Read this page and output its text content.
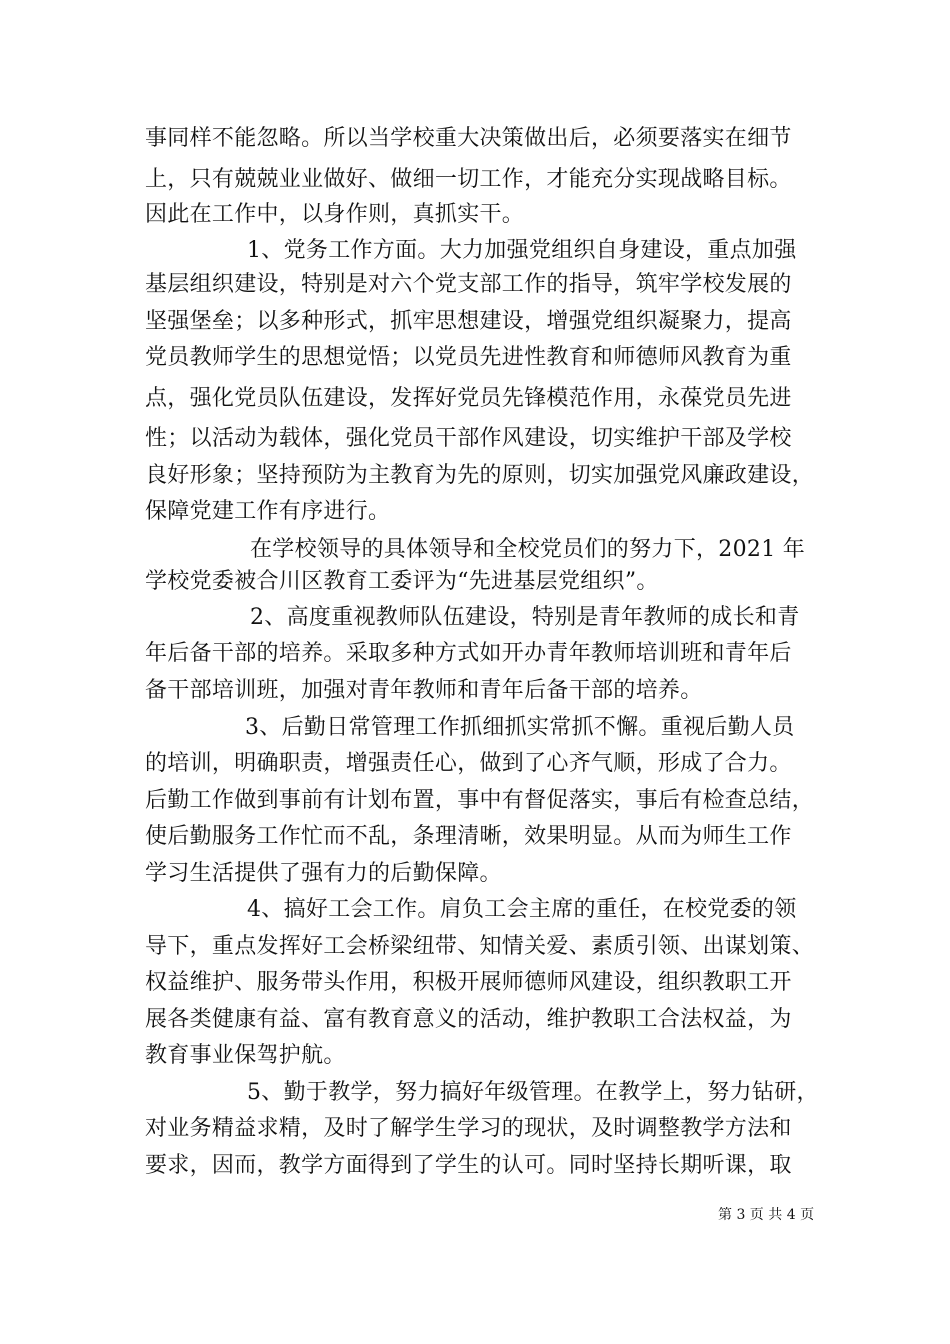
事同样不能忽略。所以当学校重大决策做出后，必须要落实在细节
上，只有兢兢业业做好、做细一切工作，才能充分实现战略目标。
因此在工作中，以身作则，真抓实干。
1、党务工作方面。大力加强党组织自身建设，重点加强
基层组织建设，特别是对六个党支部工作的指导，筑牢学校发展的
坚强堡垒；以多种形式，抓牢思想建设，增强党组织凝聚力，提高
党员教师学生的思想觉悟；以党员先进性教育和师德师风教育为重
点，强化党员队伍建设，发挥好党员先锋模范作用，永葆党员先进
性；以活动为载体，强化党员干部作风建设，切实维护干部及学校
良好形象；坚持预防为主教育为先的原则，切实加强党风廉政建设，
保障党建工作有序进行。
在学校领导的具体领导和全校党员们的努力下，2021 年
学校党委被合川区教育工委评为“先进基层党组织”。
2、高度重视教师队伍建设，特别是青年教师的成长和青
年后备干部的培养。采取多种方式如开办青年教师培训班和青年后
备干部培训班，加强对青年教师和青年后备干部的培养。
3、后勤日常管理工作抓细抓实常抓不懈。重视后勤人员
的培训，明确职责，增强责任心，做到了心齐气顺，形成了合力。
后勤工作做到事前有计划布置，事中有督促落实，事后有检查总结，
使后勤服务工作忙而不乱，条理清晰，效果明显。从而为师生工作
学习生活提供了强有力的后勤保障。
4、搞好工会工作。肩负工会主席的重任，在校党委的领
导下，重点发挥好工会桥梁纽带、知情关爱、素质引领、出谋划策、
权益维护、服务带头作用，积极开展师德师风建设，组织教职工开
展各类健康有益、富有教育意义的活动，维护教职工合法权益，为
教育事业保驾护航。
5、勤于教学，努力搞好年级管理。在教学上，努力钻研，
对业务精益求精，及时了解学生学习的现状，及时调整教学方法和
要求，因而，教学方面得到了学生的认可。同时坚持长期听课，取
第 3 页 共 4 页
